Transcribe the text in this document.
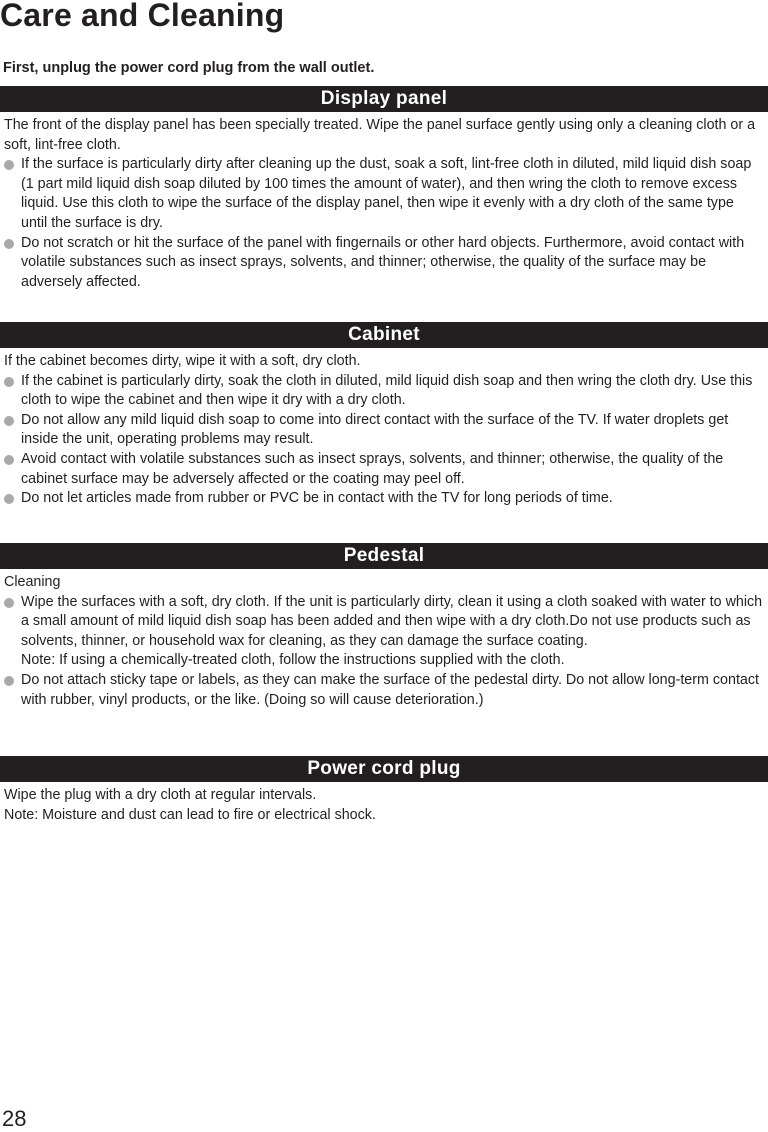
Care and Cleaning

First, unplug the power cord plug from the wall outlet.

Display panel

The front of the display panel has been specially treated. Wipe the panel surface gently using only a cleaning cloth or a soft, lint-free cloth.

If the surface is particularly dirty after cleaning up the dust, soak a soft, lint-free cloth in diluted, mild liquid dish soap (1 part mild liquid dish soap diluted by 100 times the amount of water), and then wring the cloth to remove excess liquid. Use this cloth to wipe the surface of the display panel, then wipe it evenly with a dry cloth of the same type until the surface is dry.
Do not scratch or hit the surface of the panel with fingernails or other hard objects. Furthermore, avoid contact with volatile substances such as insect sprays, solvents, and thinner; otherwise, the quality of the surface may be adversely affected.
Cabinet

If the cabinet becomes dirty, wipe it with a soft, dry cloth.

If the cabinet is particularly dirty, soak the cloth in diluted, mild liquid dish soap and then wring the cloth dry. Use this cloth to wipe the cabinet and then wipe it dry with a dry cloth.
Do not allow any mild liquid dish soap to come into direct contact with the surface of the TV. If water droplets get inside the unit, operating problems may result.
Avoid contact with volatile substances such as insect sprays, solvents, and thinner; otherwise, the quality of the cabinet surface may be adversely affected or the coating may peel off.
Do not let articles made from rubber or PVC be in contact with the TV for long periods of time.
Pedestal

Cleaning

Wipe the surfaces with a soft, dry cloth. If the unit is particularly dirty, clean it using a cloth soaked with water to which a small amount of mild liquid dish soap has been added and then wipe with a dry cloth.Do not use products such as solvents, thinner, or household wax for cleaning, as they can damage the surface coating.
Note: If using a chemically-treated cloth, follow the instructions supplied with the cloth.
Do not attach sticky tape or labels, as they can make the surface of the pedestal dirty. Do not allow long-term contact with rubber, vinyl products, or the like. (Doing so will cause deterioration.)
Power cord plug

Wipe the plug with a dry cloth at regular intervals.

Note: Moisture and dust can lead to fire or electrical shock.

28
